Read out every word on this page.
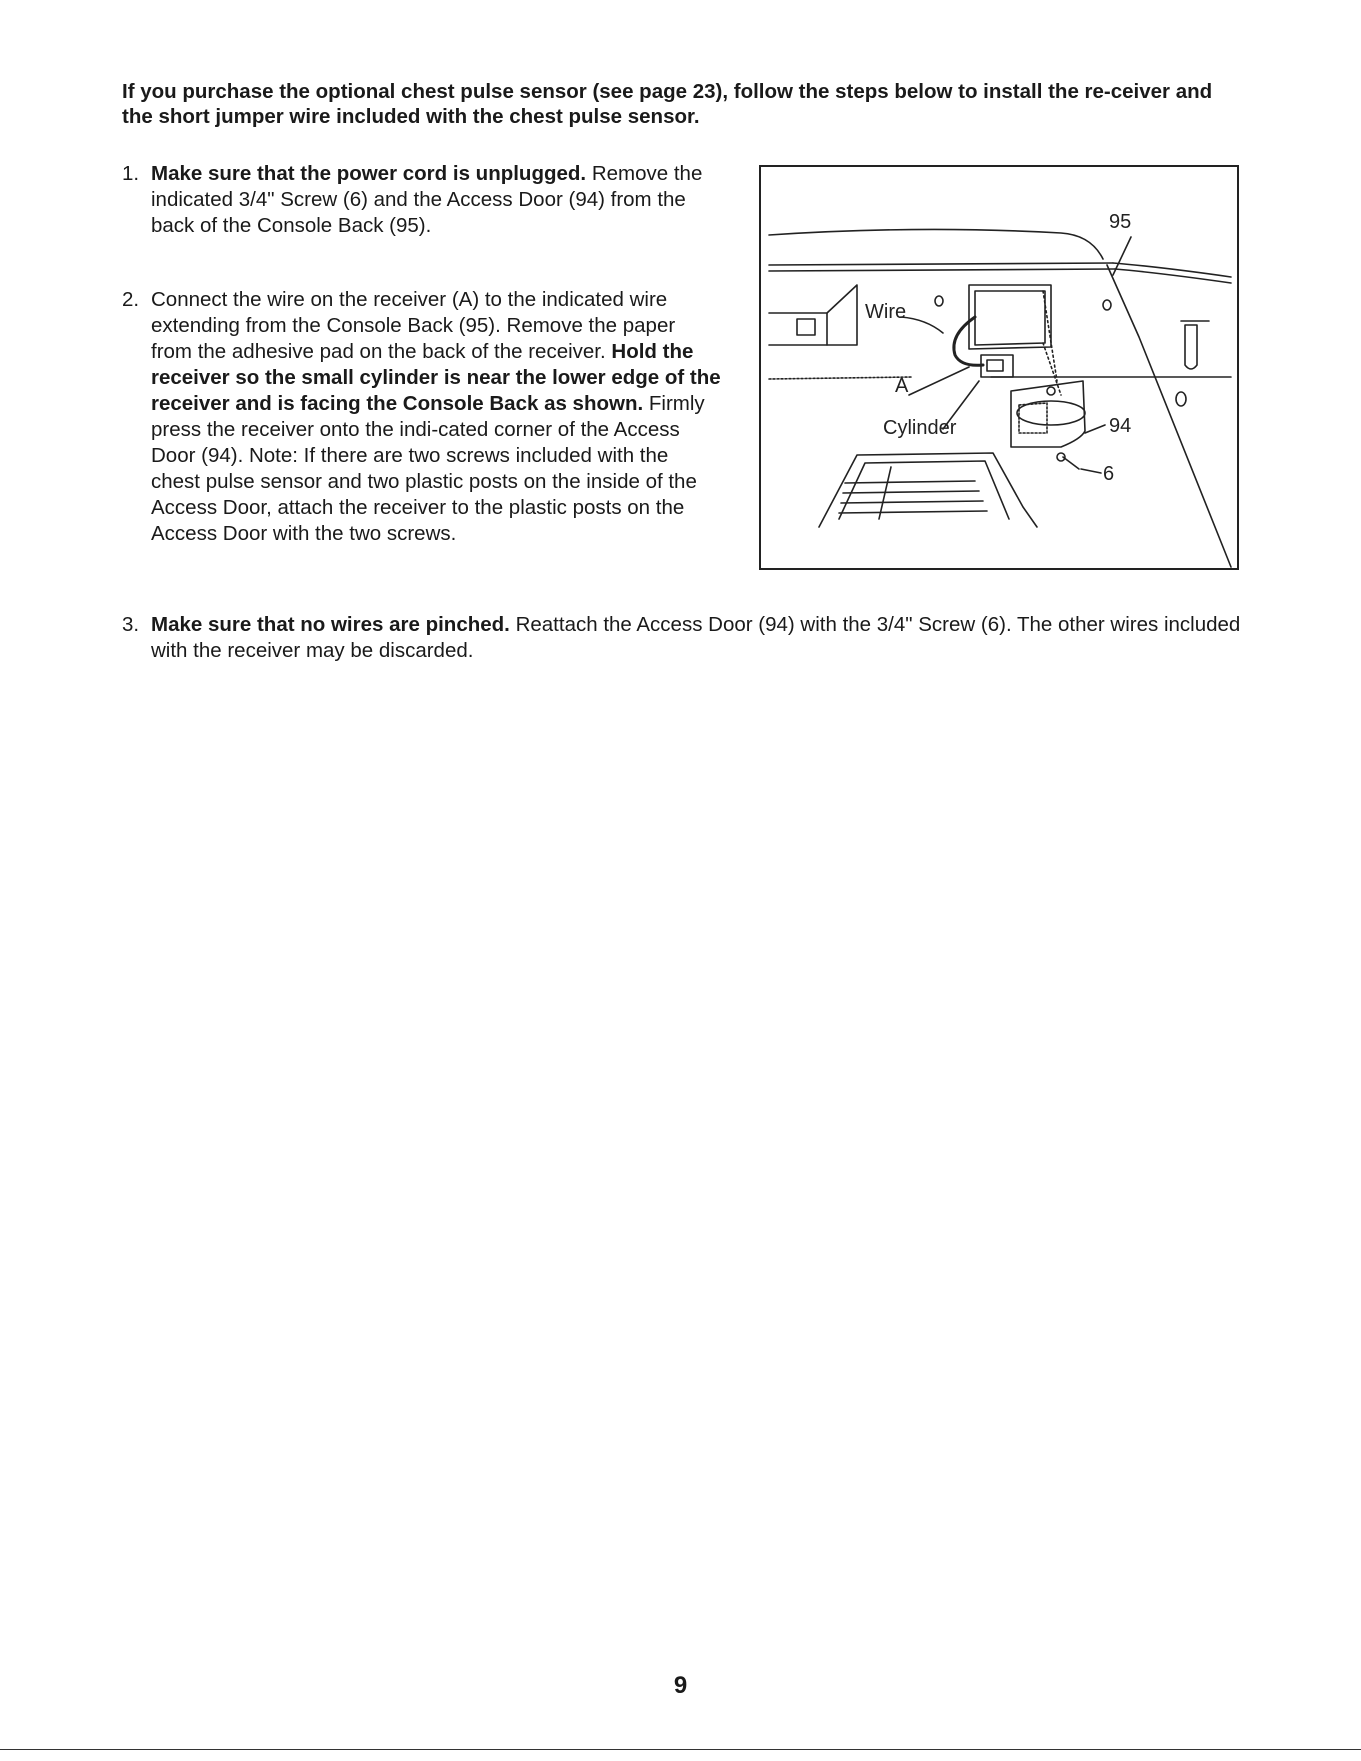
If you purchase the optional chest pulse sensor (see page 23), follow the steps below to install the re-ceiver and the short jumper wire included with the chest pulse sensor.

1. Make sure that the power cord is unplugged. Remove the indicated 3/4" Screw (6) and the Access Door (94) from the back of the Console Back (95).
2. Connect the wire on the receiver (A) to the indicated wire extending from the Console Back (95). Remove the paper from the adhesive pad on the back of the receiver. Hold the receiver so the small cylinder is near the lower edge of the receiver and is facing the Console Back as shown. Firmly press the receiver onto the indi-cated corner of the Access Door (94). Note: If there are two screws included with the chest pulse sensor and two plastic posts on the inside of the Access Door, attach the receiver to the plastic posts on the Access Door with the two screws.
95
Wire
A
Cylinder	94
6
3. Make sure that no wires are pinched. Reattach the Access Door (94) with the 3/4" Screw (6). The other wires included with the receiver may be discarded.
9
